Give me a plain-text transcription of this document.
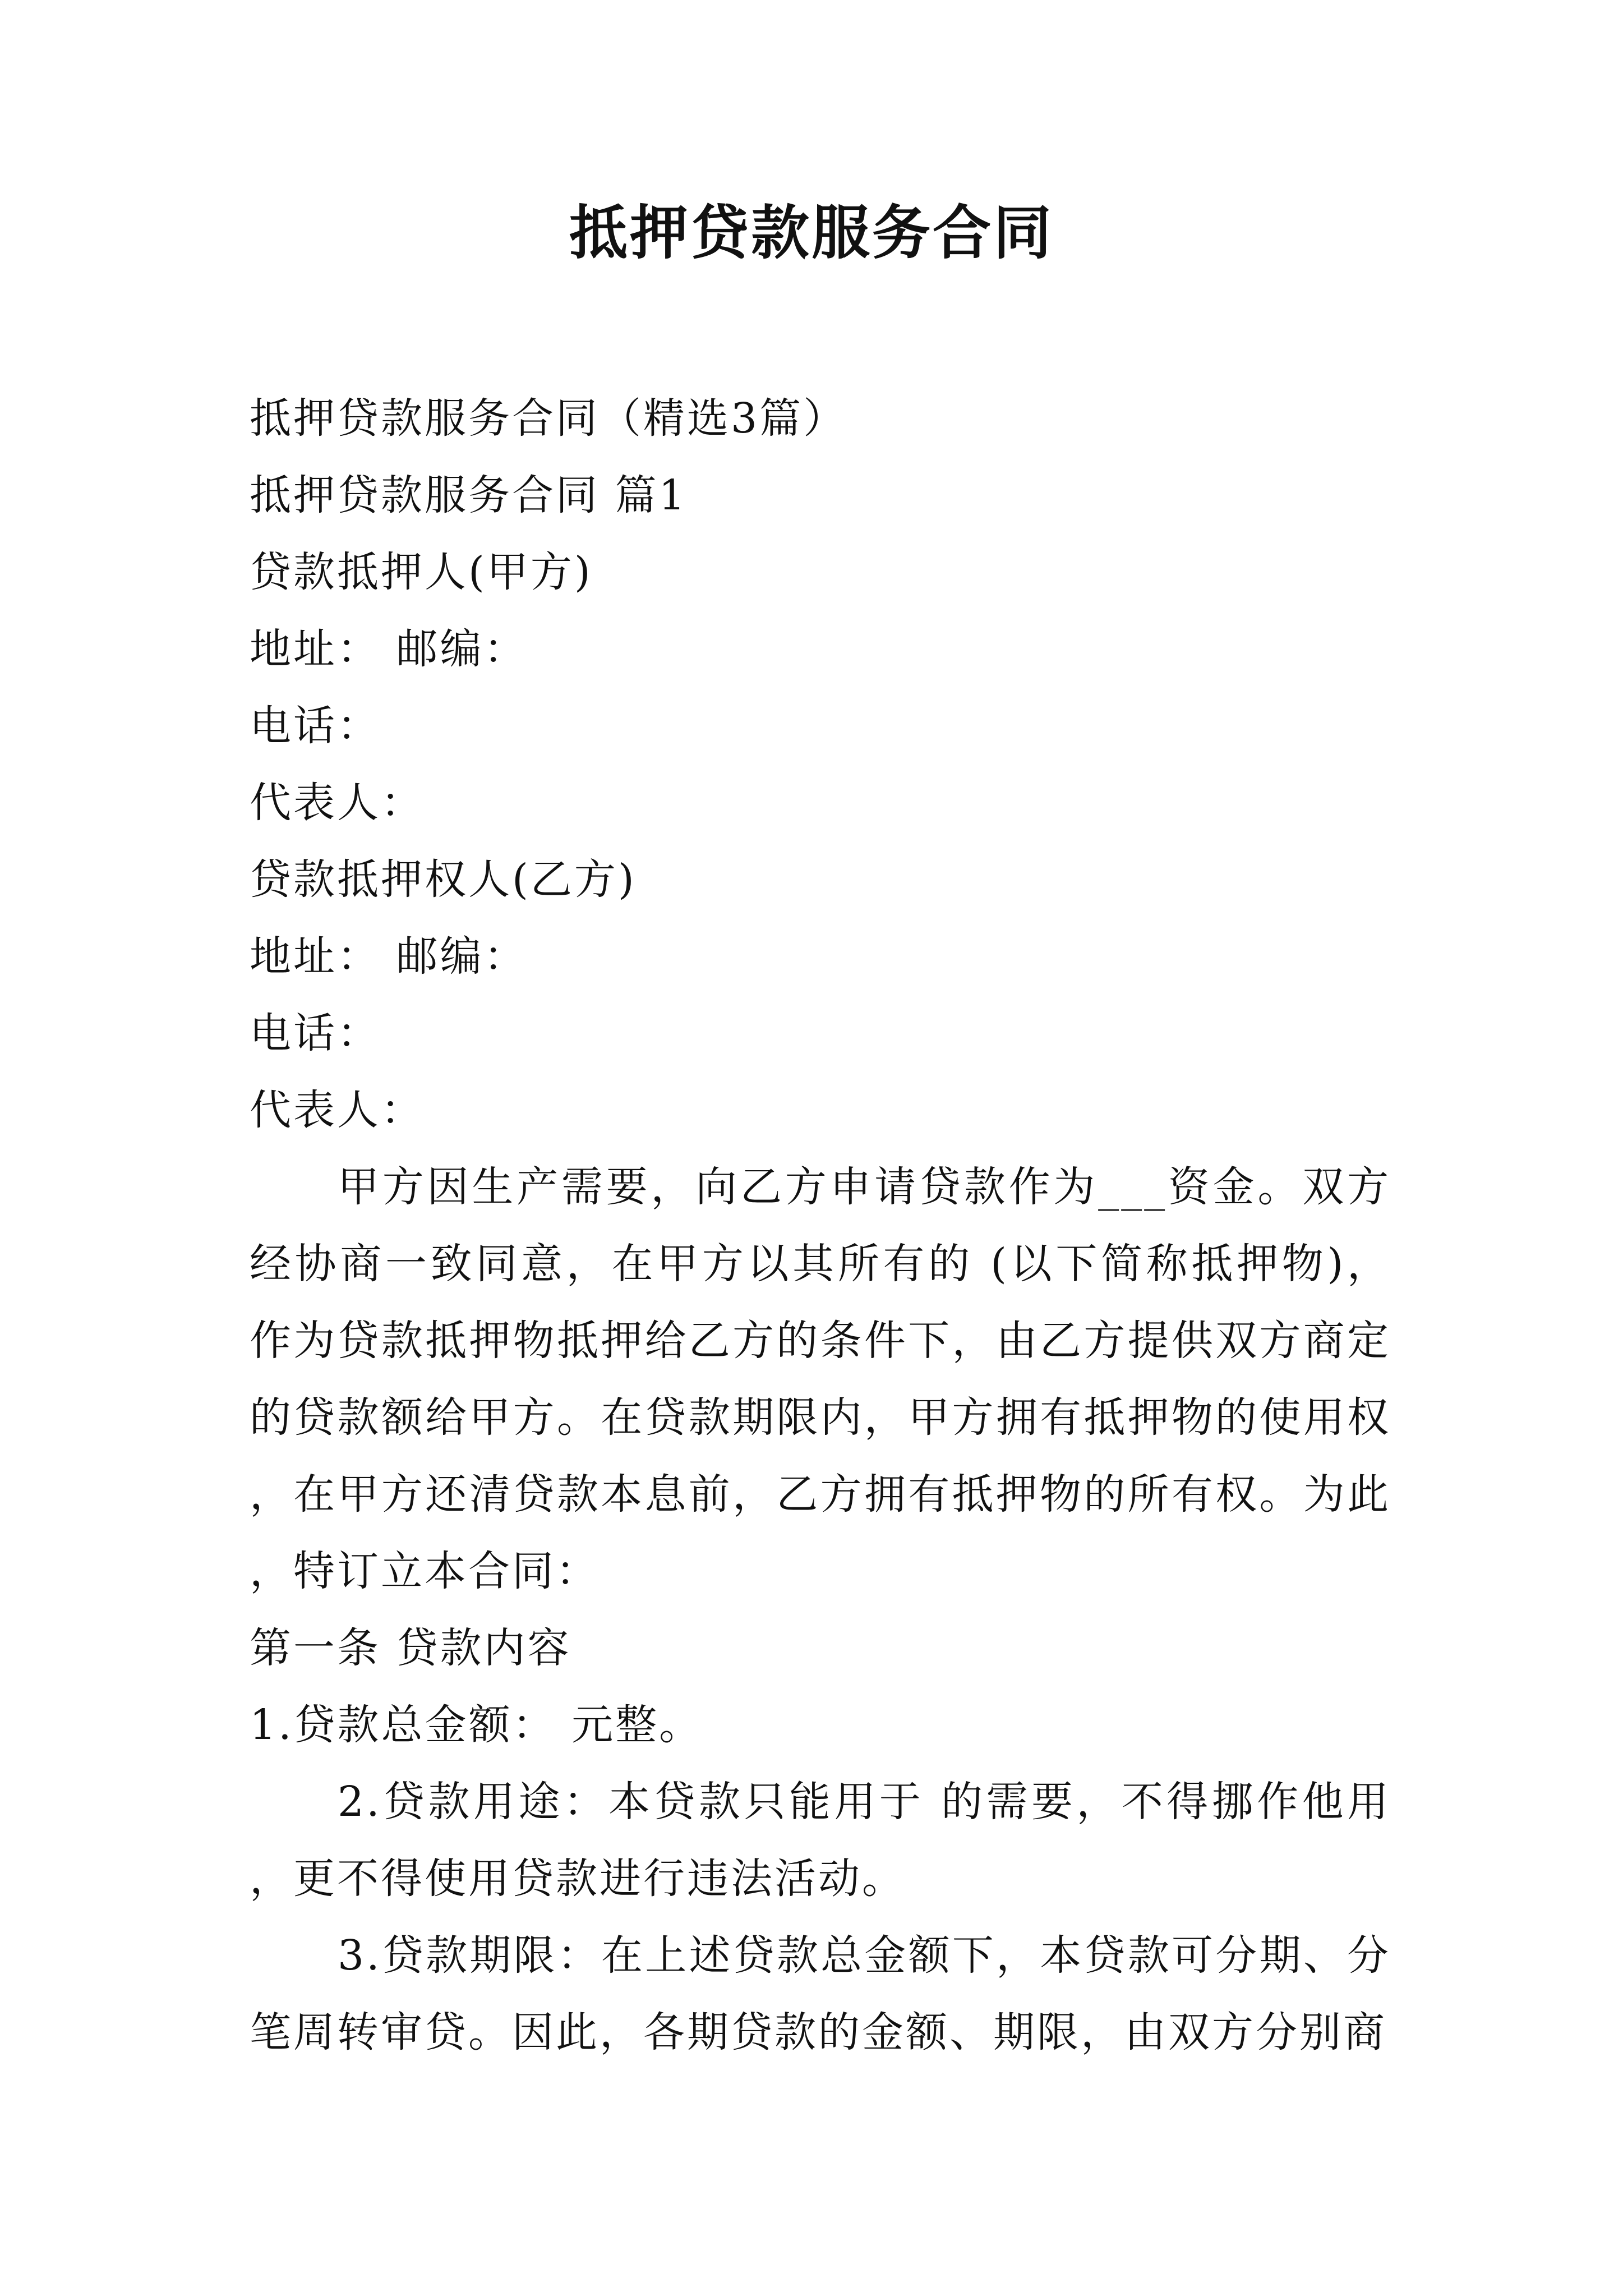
抵押贷款服务合同
抵押贷款服务合同（精选3篇）
抵押贷款服务合同 篇1
贷款抵押人(甲方)
地址： 邮编：
电话：
代表人：
贷款抵押权人(乙方)
地址： 邮编：
电话：
代表人：
甲方因生产需要，向乙方申请贷款作为___资金。双方经协商一致同意，在甲方以其所有的 (以下简称抵押物)，作为贷款抵押物抵押给乙方的条件下，由乙方提供双方商定的贷款额给甲方。在贷款期限内，甲方拥有抵押物的使用权，在甲方还清贷款本息前，乙方拥有抵押物的所有权。为此，特订立本合同：
第一条 贷款内容
1.贷款总金额： 元整。
2.贷款用途：本贷款只能用于 的需要，不得挪作他用，更不得使用贷款进行违法活动。
3.贷款期限：在上述贷款总金额下，本贷款可分期、分笔周转审贷。因此，各期贷款的金额、期限，由双方分别商
